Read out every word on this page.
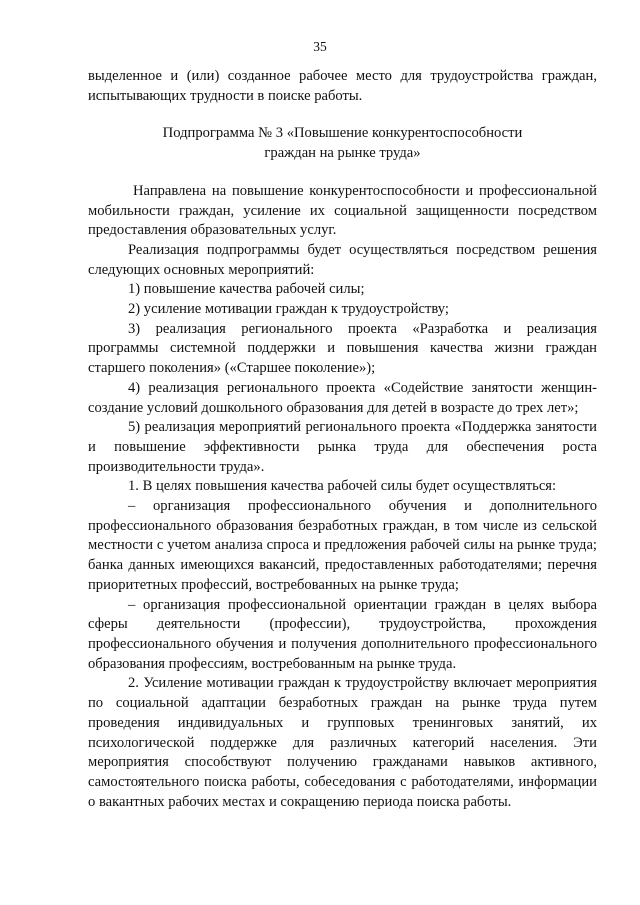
35

выделенное и (или) созданное рабочее место для трудоустройства граждан, испытывающих трудности в поиске работы.

Подпрограмма № 3 «Повышение конкурентоспособности
граждан на рынке труда»

Направлена на повышение конкурентоспособности и профессиональной мобильности граждан, усиление их социальной защищенности посредством предоставления образовательных услуг.

Реализация подпрограммы будет осуществляться посредством решения следующих основных мероприятий:

1) повышение качества рабочей силы;

2) усиление мотивации граждан к трудоустройству;

3) реализация регионального проекта «Разработка и реализация программы системной поддержки и повышения качества жизни граждан старшего поколения» («Старшее поколение»);

4) реализация регионального проекта «Содействие занятости женщин-создание условий дошкольного образования для детей в возрасте до трех лет»;

5) реализация мероприятий регионального проекта «Поддержка занятости и повышение эффективности рынка труда для обеспечения роста производительности труда».

1. В целях повышения качества рабочей силы будет осуществляться:

– организация профессионального обучения и дополнительного профессионального образования безработных граждан, в том числе из сельской местности с учетом анализа спроса и предложения рабочей силы на рынке труда; банка данных имеющихся вакансий, предоставленных работодателями; перечня приоритетных профессий, востребованных на рынке труда;

– организация профессиональной ориентации граждан в целях выбора сферы деятельности (профессии), трудоустройства, прохождения профессионального обучения и получения дополнительного профессионального образования профессиям, востребованным на рынке труда.

2. Усиление мотивации граждан к трудоустройству включает мероприятия по социальной адаптации безработных граждан на рынке труда путем проведения индивидуальных и групповых тренинговых занятий, их психологической поддержке для различных категорий населения. Эти мероприятия способствуют получению гражданами навыков активного, самостоятельного поиска работы, собеседования с работодателями, информации о вакантных рабочих местах и сокращению периода поиска работы.
